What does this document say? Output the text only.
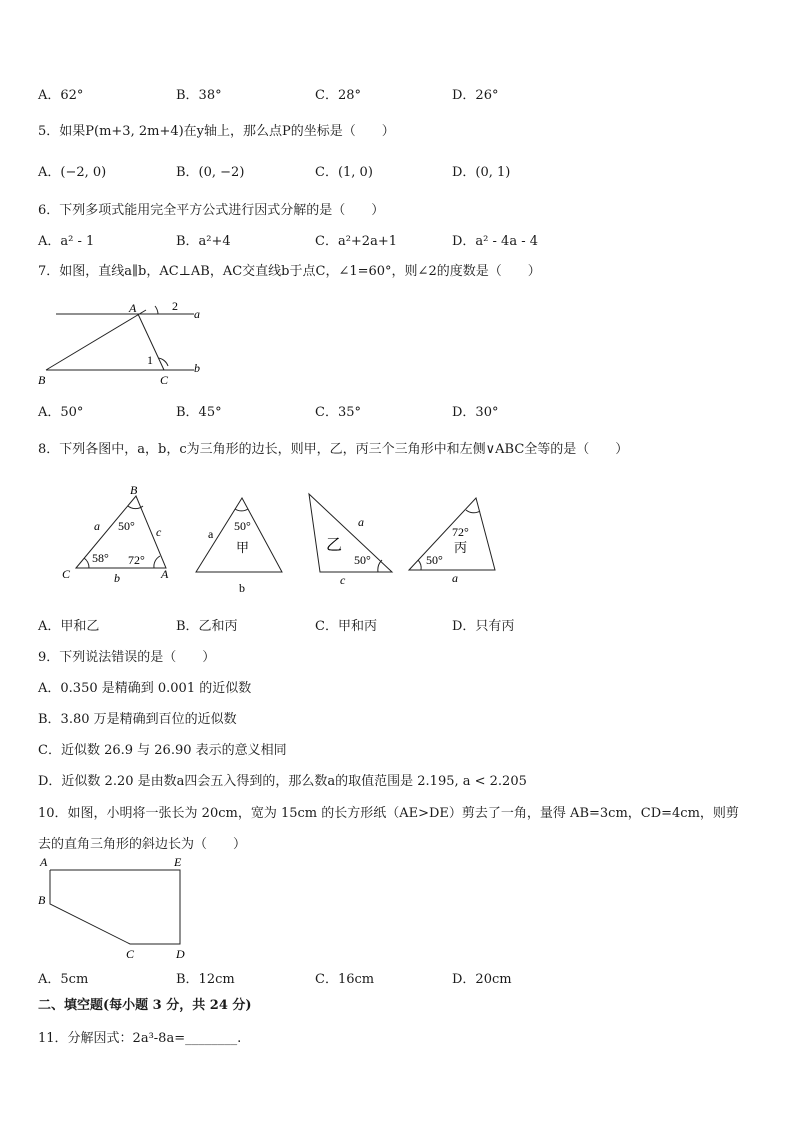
A．62°	B．38°	C．28°	D．26°
5．如果P(m+3, 2m+4)在y轴上，那么点P的坐标是（　　）
A．(−2, 0)	B．(0, −2)	C．(1, 0)	D．(0, 1)
6．下列多项式能用完全平方公式进行因式分解的是（　　）
A．a² - 1	B．a²+4	C．a²+2a+1	D．a² - 4a - 4
7．如图，直线a∥b，AC⊥AB，AC交直线b于点C，∠1=60°，则∠2的度数是（　　）
A	2
a
1
b
B	C
A．50°	B．45°	C．35°	D．30°
8．下列各图中，a，b，c为三角形的边长，则甲，乙，丙三个三角形中和左侧∨ABC全等的是（　　）
B
C	A
a	c
b
50°
58° 72°
a
50°
甲
b
a
乙
50°
c
72°
丙
50°
a
A．甲和乙	B．乙和丙	C．甲和丙	D．只有丙
9．下列说法错误的是（　　）
A．0.350 是精确到 0.001 的近似数
B．3.80 万是精确到百位的近似数
C．近似数 26.9 与 26.90 表示的意义相同
D．近似数 2.20 是由数a四会五入得到的，那么数a的取值范围是 2.195, a < 2.205
10．如图，小明将一张长为 20cm，宽为 15cm 的长方形纸（AE>DE）剪去了一角，量得 AB=3cm，CD=4cm，则剪
去的直角三角形的斜边长为（　　）
A	E
B
C	D
A．5cm	B．12cm	C．16cm	D．20cm
二、填空题(每小题 3 分，共 24 分)
11．分解因式：2a³-8a=________.
